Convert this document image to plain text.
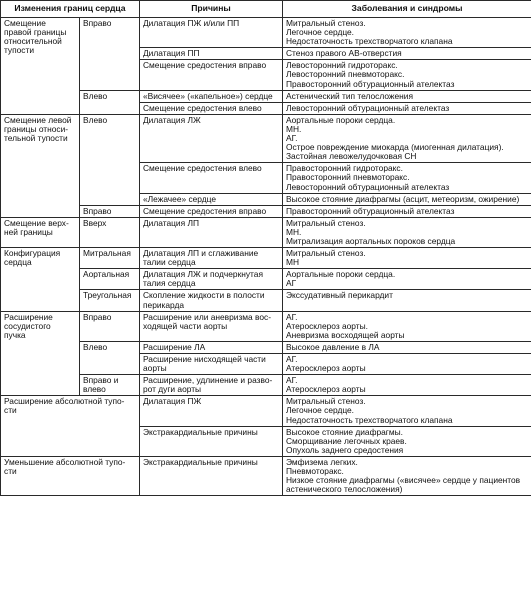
Изменения границ сердца		Причины	Заболевания и синдромы
Смещение
правой границы
относительной
тупости	Вправо	Дилатация ПЖ и/или ПП	Митральный стеноз.
Легочное сердце.
Недостаточность трехстворчатого клапана
		Дилатация ПП	Стеноз правого АВ-отверстия
		Смещение средостения вправо	Левосторонний гидроторакс.
Левосторонний пневмоторакс.
Правосторонний обтурационный ателектаз
	Влево	«Висячее» («капельное») сердце	Астенический тип телосложения
		Смещение средостения влево	Левосторонний обтурационный ателектаз
Смещение левой
границы относи-
тельной тупости	Влево	Дилатация ЛЖ	Аортальные пороки сердца.
МН.
АГ.
Острое повреждение миокарда (миогенная дилатация).
Застойная левожелудочковая СН
		Смещение средостения влево	Правосторонний гидроторакс.
Правосторонний пневмоторакс.
Левосторонний обтурационный ателектаз
		«Лежачее» сердце	Высокое стояние диафрагмы (асцит, метеоризм, ожирение)
	Вправо	Смещение средостения вправо	Правосторонний обтурационный ателектаз
Смещение верх-
ней границы	Вверх	Дилатация ЛП	Митральный стеноз.
МН.
Митрализация аортальных пороков сердца
Конфигурация
сердца	Митральная	Дилатация ЛП и сглаживание
талии сердца	Митральный стеноз.
МН
	Аортальная	Дилатация ЛЖ и подчеркнутая
талия сердца	Аортальные пороки сердца.
АГ
	Треугольная	Скопление жидкости в полости
перикарда	Экссудативный перикардит
Расширение
сосудистого
пучка	Вправо	Расширение или аневризма вос-
ходящей части аорты	АГ.
Атеросклероз аорты.
Аневризма восходящей аорты
	Влево	Расширение ЛА	Высокое давление в ЛА
		Расширение нисходящей части
аорты	АГ.
Атеросклероз аорты
	Вправо и
влево	Расширение, удлинение и разво-
рот дуги аорты	АГ.
Атеросклероз аорты
Расширение абсолютной тупо-
сти		Дилатация ПЖ	Митральный стеноз.
Легочное сердце.
Недостаточность трехстворчатого клапана
		Экстракардиальные причины	Высокое стояние диафрагмы.
Сморщивание легочных краев.
Опухоль заднего средостения
Уменьшение абсолютной тупо-
сти		Экстракардиальные причины	Эмфизема легких.
Пневмоторакс.
Низкое стояние диафрагмы («висячее» сердце у пациентов
астенического телосложения)
